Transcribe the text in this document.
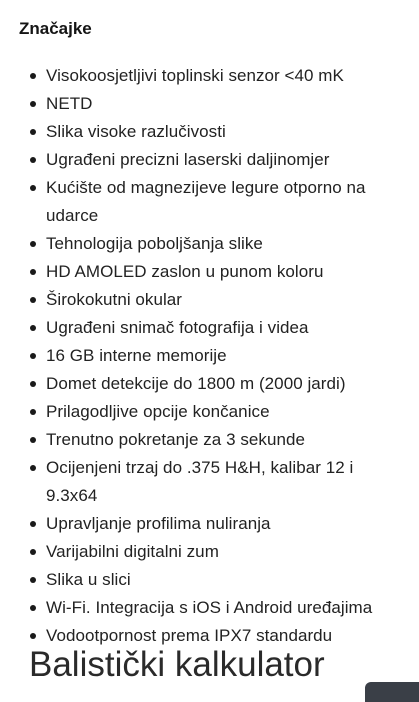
Značajke
Visokoosjetljivi toplinski senzor <40 mK
NETD
Slika visoke razlučivosti
Ugrađeni precizni laserski daljinomjer
Kućište od magnezijeve legure otporno na udarce
Tehnologija poboljšanja slike
HD AMOLED zaslon u punom koloru
Širokokutni okular
Ugrađeni snimač fotografija i videa
16 GB interne memorije
Domet detekcije do 1800 m (2000 jardi)
Prilagodljive opcije končanice
Trenutno pokretanje za 3 sekunde
Ocijenjeni trzaj do .375 H&H, kalibar 12 i 9.3x64
Upravljanje profilima nuliranja
Varijabilni digitalni zum
Slika u slici
Wi-Fi. Integracija s iOS i Android uređajima
Vodootpornost prema IPX7 standardu
Balistički kalkulator
